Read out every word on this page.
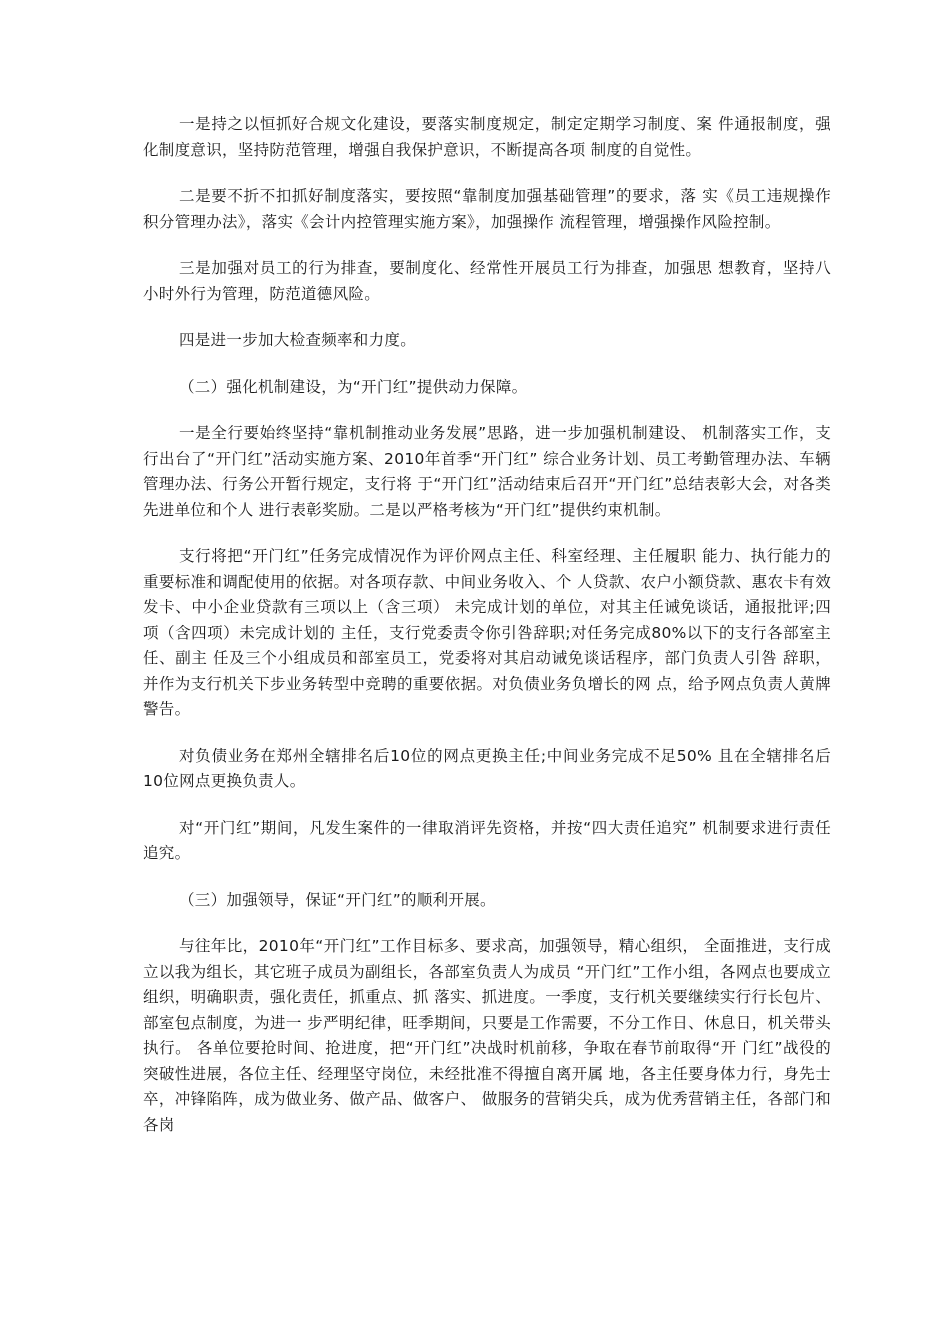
一是持之以恒抓好合规文化建设，要落实制度规定，制定定期学习制度、案 件通报制度，强化制度意识，坚持防范管理，增强自我保护意识，不断提高各项 制度的自觉性。

二是要不折不扣抓好制度落实，要按照“靠制度加强基础管理”的要求，落 实《员工违规操作积分管理办法》，落实《会计内控管理实施方案》，加强操作 流程管理，增强操作风险控制。

三是加强对员工的行为排查，要制度化、经常性开展员工行为排查，加强思 想教育，坚持八小时外行为管理，防范道德风险。

四是进一步加大检查频率和力度。

（二）强化机制建设，为“开门红”提供动力保障。

一是全行要始终坚持“靠机制推动业务发展”思路，进一步加强机制建设、 机制落实工作，支行出台了“开门红”活动实施方案、2010年首季“开门红” 综合业务计划、员工考勤管理办法、车辆管理办法、行务公开暂行规定，支行将 于“开门红”活动结束后召开“开门红”总结表彰大会，对各类先进单位和个人 进行表彰奖励。二是以严格考核为“开门红”提供约束机制。

支行将把“开门红”任务完成情况作为评价网点主任、科室经理、主任履职 能力、执行能力的重要标准和调配使用的依据。对各项存款、中间业务收入、个 人贷款、农户小额贷款、惠农卡有效发卡、中小企业贷款有三项以上（含三项） 未完成计划的单位，对其主任诫免谈话，通报批评;四项（含四项）未完成计划的 主任，支行党委责令你引咎辞职;对任务完成80%以下的支行各部室主任、副主 任及三个小组成员和部室员工，党委将对其启动诫免谈话程序，部门负责人引咎 辞职，并作为支行机关下步业务转型中竞聘的重要依据。对负债业务负增长的网 点，给予网点负责人黄牌警告。

对负债业务在郑州全辖排名后10位的网点更换主任;中间业务完成不足50% 且在全辖排名后10位网点更换负责人。

对“开门红”期间，凡发生案件的一律取消评先资格，并按“四大责任追究” 机制要求进行责任追究。

（三）加强领导，保证“开门红”的顺利开展。

与往年比，2010年“开门红”工作目标多、要求高，加强领导，精心组织， 全面推进，支行成立以我为组长，其它班子成员为副组长，各部室负责人为成员 “开门红”工作小组，各网点也要成立组织，明确职责，强化责任，抓重点、抓 落实、抓进度。一季度，支行机关要继续实行行长包片、部室包点制度，为进一 步严明纪律，旺季期间，只要是工作需要，不分工作日、休息日，机关带头执行。 各单位要抢时间、抢进度，把“开门红”决战时机前移，争取在春节前取得“开 门红”战役的突破性进展，各位主任、经理坚守岗位，未经批准不得擅自离开属 地，各主任要身体力行，身先士卒，冲锋陷阵，成为做业务、做产品、做客户、 做服务的营销尖兵，成为优秀营销主任，各部门和各岗
